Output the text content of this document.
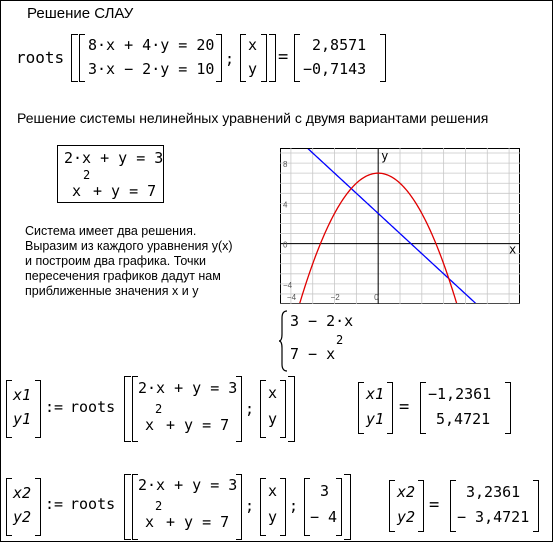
Решение СЛАУ
roots
8·x + 4·y = 20
3·x − 2·y = 10
;
x
y
=
2,8571
−0,7143
Решение системы нелинейных уравнений с двумя вариантами решения
2·x + y = 3
x
2
+ y = 7
Система имеет два решения.
Выразим из каждого уравнения y(x)
и построим два графика. Точки
пересечения графиков дадут нам
приближенные значения x и y
8
4
0
−4
−4	−2	0
x
y
3 − 2·x
7 − x
2
x1
y1
:= roots
2·x + y = 3
x
2
+ y = 7
;
x
y
x1
y1
=
−1,2361
5,4721
x2
y2
:= roots
2·x + y = 3
x
2
+ y = 7
;
x
y
;
3
− 4
x2
y2
=
3,2361
− 3,4721
